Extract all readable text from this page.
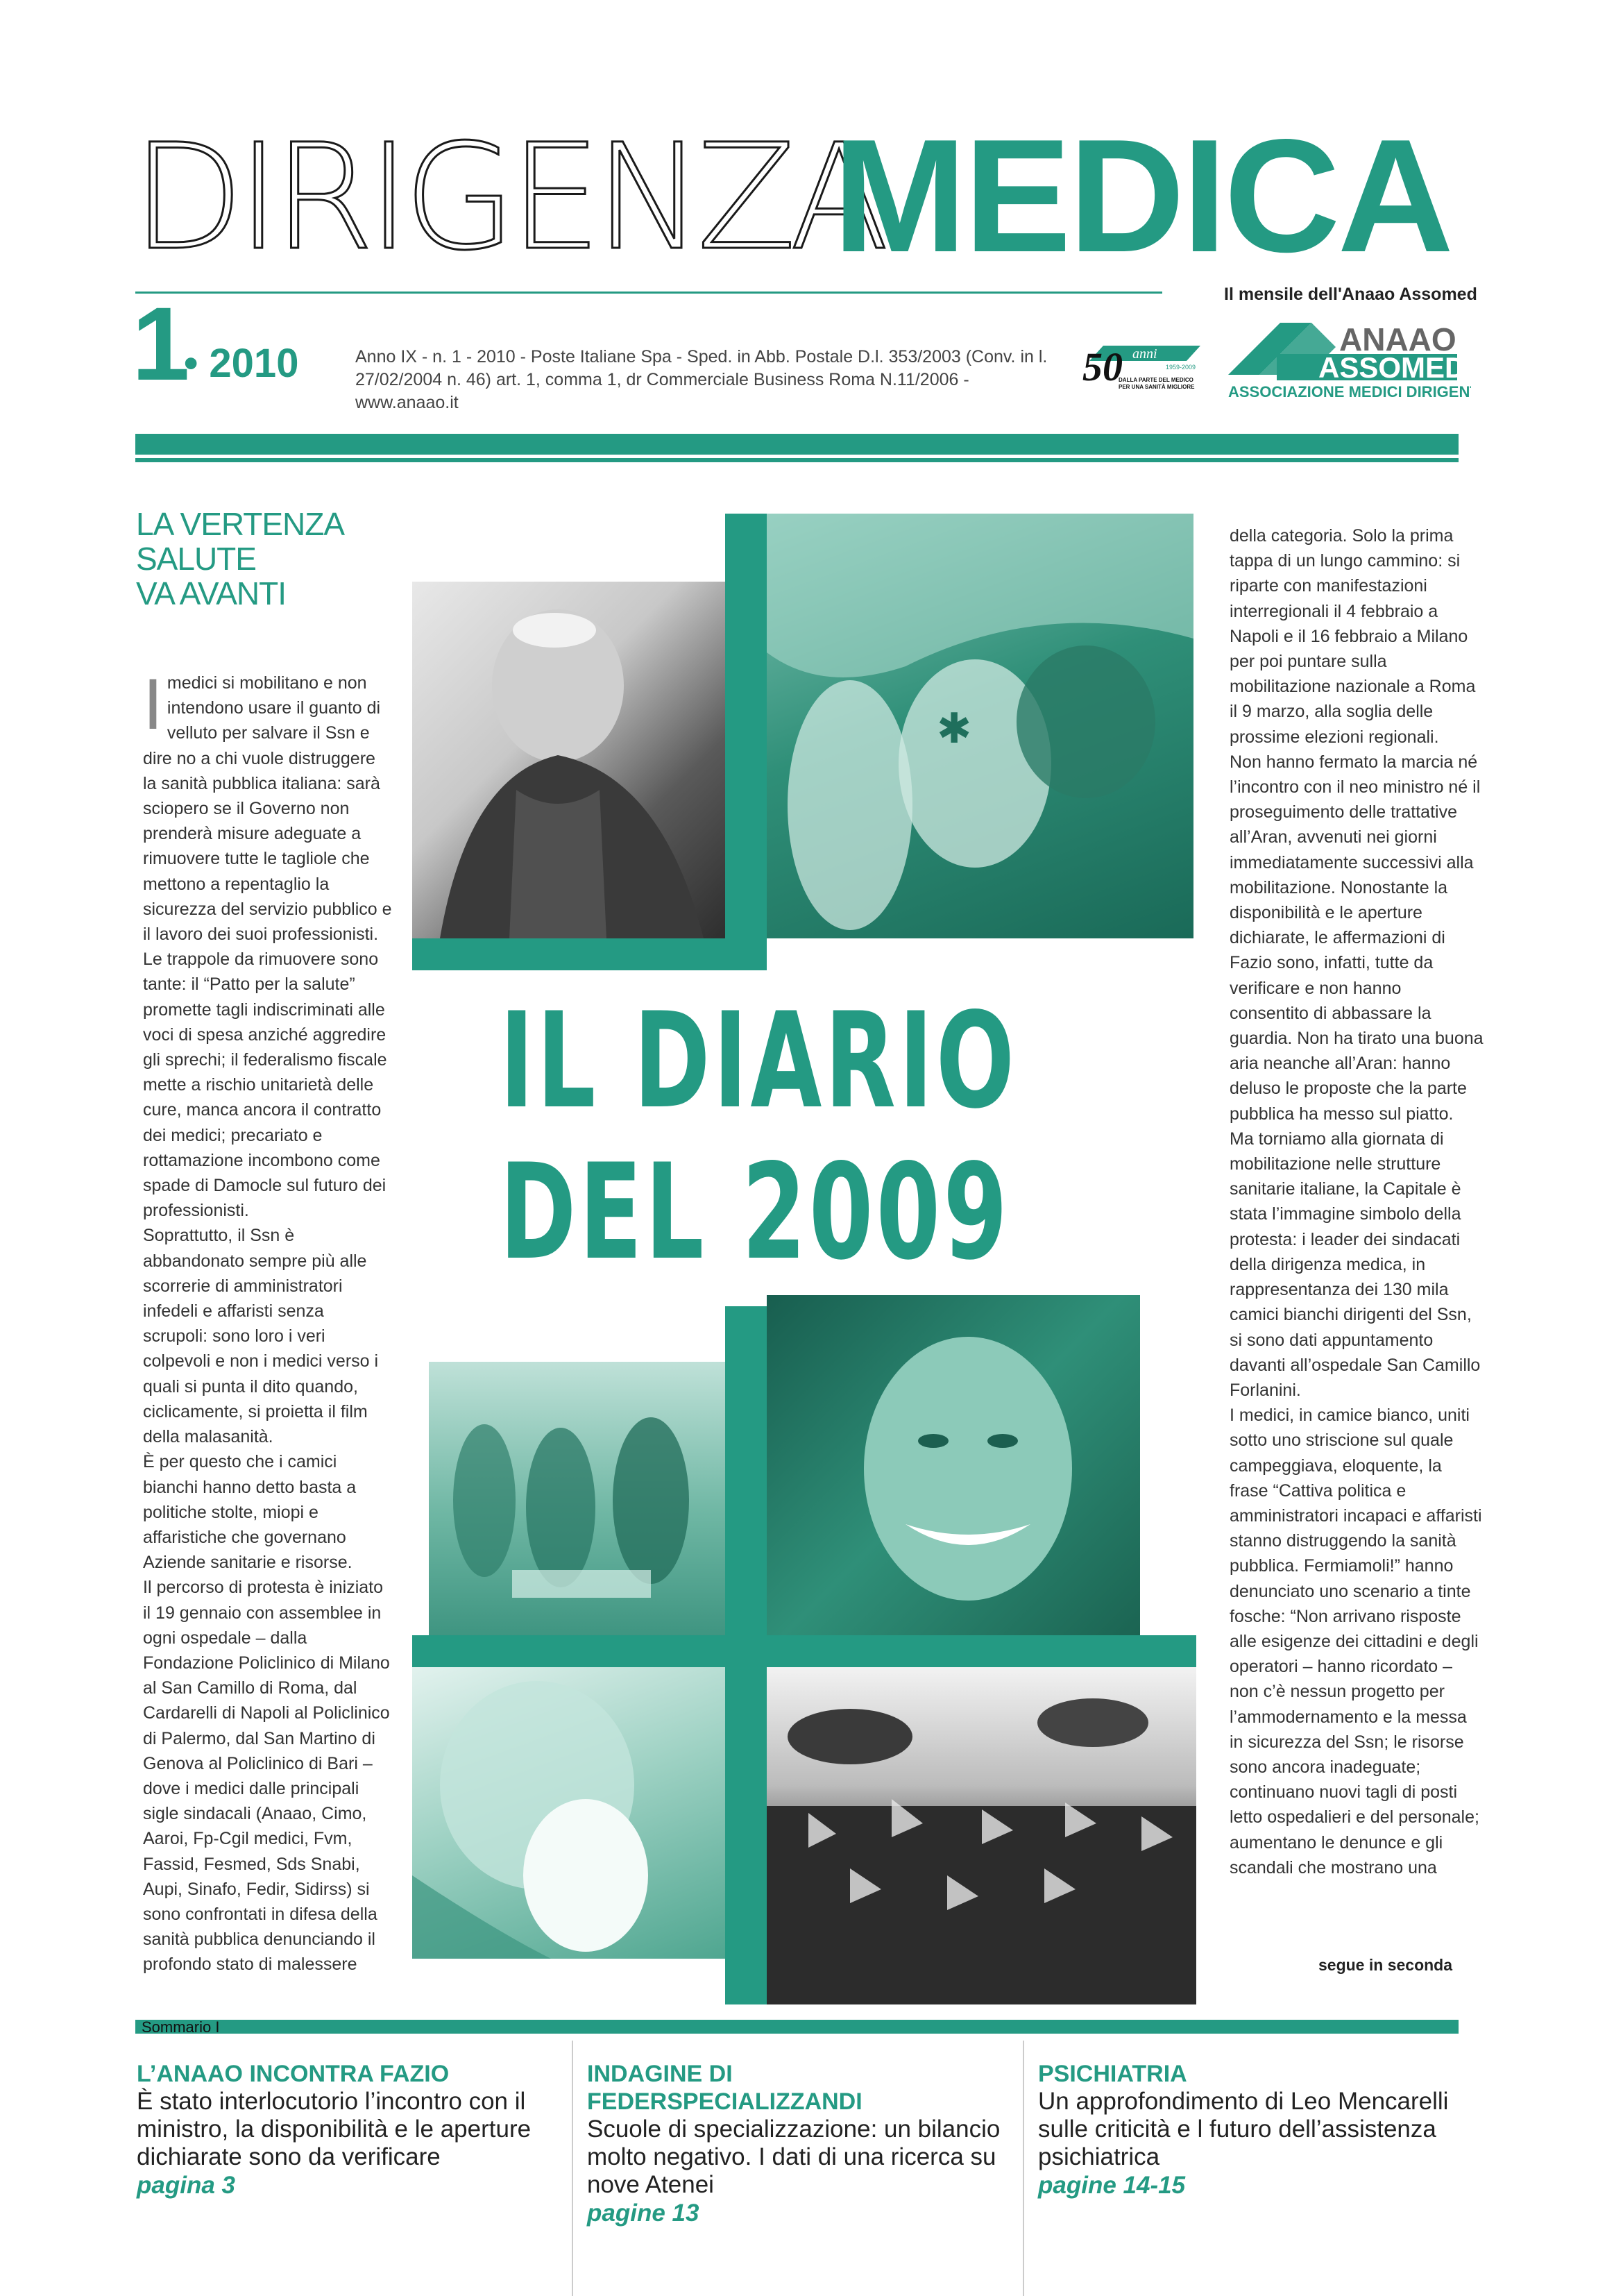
DIRIGENZA
MEDICA
Il mensile dell'Anaao Assomed
1
• 2010	Anno IX - n. 1 - 2010 - Poste Italiane Spa - Sped. in Abb. Postale D.l. 353/2003 (Conv. in l. 27/02/2004 n. 46) art. 1, comma 1, dr Commerciale Business Roma N.11/2006 - www.anaao.it
50 anni
1959-2009
DALLA PARTE DEL MEDICO
PER UNA SANITÀ MIGLIORE
ANAAO
ASSOMED
ASSOCIAZIONE MEDICI DIRIGENTI
LA VERTENZA
SALUTE
VA AVANTI

Imedici si mobilitano e non intendono usare il guanto di velluto per salvare il Ssn e dire no a chi vuole distruggere la sanità pubblica italiana: sarà sciopero se il Governo non prenderà misure adeguate a rimuovere tutte le tagliole che mettono a repentaglio la sicurezza del servizio pubblico e il lavoro dei suoi professionisti.

Le trappole da rimuovere sono tante: il “Patto per la salute” promette tagli indiscriminati alle voci di spesa anziché aggredire gli sprechi; il federalismo fiscale mette a rischio unitarietà delle cure, manca ancora il contratto dei medici; precariato e rottamazione incombono come spade di Damocle sul futuro dei professionisti.

Soprattutto, il Ssn è abbandonato sempre più alle scorrerie di amministratori infedeli e affaristi senza scrupoli: sono loro i veri colpevoli e non i medici verso i quali si punta il dito quando, ciclicamente, si proietta il film della malasanità.

È per questo che i camici bianchi hanno detto basta a politiche stolte, miopi e affaristiche che governano Aziende sanitarie e risorse.

Il percorso di protesta è iniziato il 19 gennaio con assemblee in ogni ospedale – dalla Fondazione Policlinico di Milano al San Camillo di Roma, dal Cardarelli di Napoli al Policlinico di Palermo, dal San Martino di Genova al Policlinico di Bari – dove i medici dalle principali sigle sindacali (Anaao, Cimo, Aaroi, Fp-Cgil medici, Fvm, Fassid, Fesmed, Sds Snabi, Aupi, Sinafo, Fedir, Sidirss) si sono confrontati in difesa della sanità pubblica denunciando il profondo stato di malessere

della categoria. Solo la prima tappa di un lungo cammino: si riparte con manifestazioni interregionali il 4 febbraio a Napoli e il 16 febbraio a Milano per poi puntare sulla mobilitazione nazionale a Roma il 9 marzo, alla soglia delle prossime elezioni regionali.

Non hanno fermato la marcia né l’incontro con il neo ministro né il proseguimento delle trattative all’Aran, avvenuti nei giorni immediatamente successivi alla mobilitazione. Nonostante la disponibilità e le aperture dichiarate, le affermazioni di Fazio sono, infatti, tutte da verificare e non hanno consentito di abbassare la guardia. Non ha tirato una buona aria neanche all’Aran: hanno deluso le proposte che la parte pubblica ha messo sul piatto.

Ma torniamo alla giornata di mobilitazione nelle strutture sanitarie italiane, la Capitale è stata l’immagine simbolo della protesta: i leader dei sindacati della dirigenza medica, in rappresentanza dei 130 mila camici bianchi dirigenti del Ssn, si sono dati appuntamento davanti all’ospedale San Camillo Forlanini.

I medici, in camice bianco, uniti sotto uno striscione sul quale campeggiava, eloquente, la frase “Cattiva politica e amministratori incapaci e affaristi stanno distruggendo la sanità pubblica. Fermiamoli!” hanno denunciato uno scenario a tinte fosche: “Non arrivano risposte alle esigenze dei cittadini e degli operatori – hanno ricordato – non c’è nessun progetto per l’ammodernamento e la messa in sicurezza del Ssn; le risorse sono ancora inadeguate; continuano nuovi tagli di posti letto ospedalieri e del personale; aumentano le denunce e gli scandali che mostrano una

✱
IL DIARIO
DEL 2009
segue in seconda
Sommario I
L’ANAAO INCONTRA FAZIO
È stato interlocutorio l’incontro con il ministro, la disponibilità e le aperture dichiarate sono da verificare
pagina 3
INDAGINE DI FEDERSPECIALIZZANDI
Scuole di specializzazione: un bilancio molto negativo. I dati di una ricerca su nove Atenei
pagine 13
PSICHIATRIA
Un approfondimento di Leo Mencarelli sulle criticità e l futuro dell’assistenza psichiatrica
pagine 14-15
